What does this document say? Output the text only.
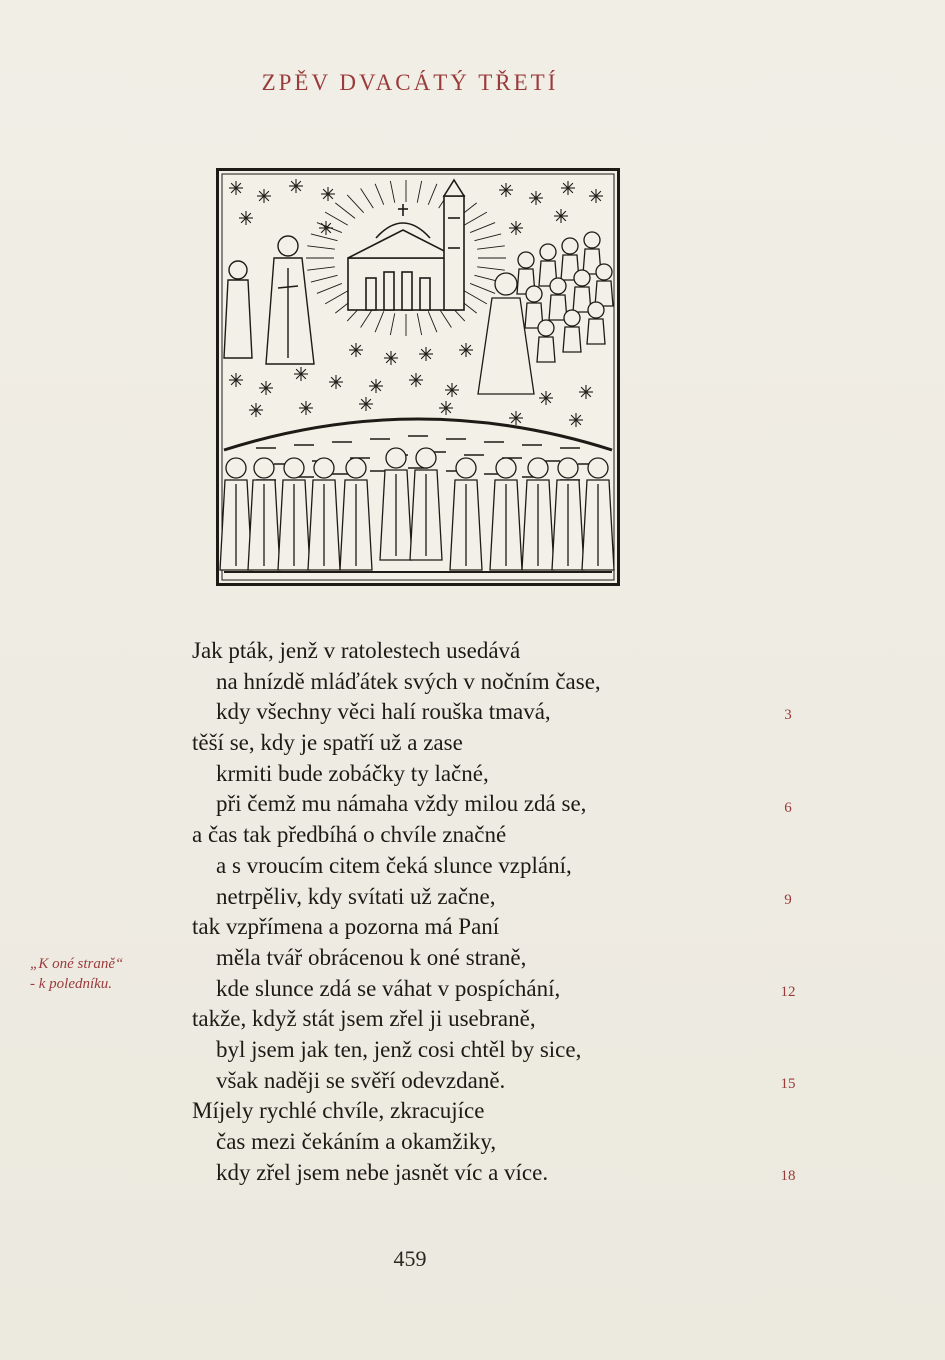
ZPĚV DVACÁTÝ TŘETÍ
Jak pták, jenž v ratolestech usedává
na hnízdě mláďátek svých v nočním čase,
kdy všechny věci halí rouška tmavá,
těší se, kdy je spatří už a zase
krmiti bude zobáčky ty lačné,
při čemž mu námaha vždy milou zdá se,
a čas tak předbíhá o chvíle značné
a s vroucím citem čeká slunce vzplání,
netrpěliv, kdy svítati už začne,
tak vzpřímena a pozorna má Paní
měla tvář obrácenou k oné straně,
kde slunce zdá se váhat v pospíchání,
takže, když stát jsem zřel ji usebraně,
byl jsem jak ten, jenž cosi chtěl by sice,
však naději se svěří odevzdaně.
Míjely rychlé chvíle, zkracujíce
čas mezi čekáním a okamžiky,
kdy zřel jsem nebe jasnět víc a více.
3
6
9
12
15
18
„K oné straně“
- k poledníku.
459
